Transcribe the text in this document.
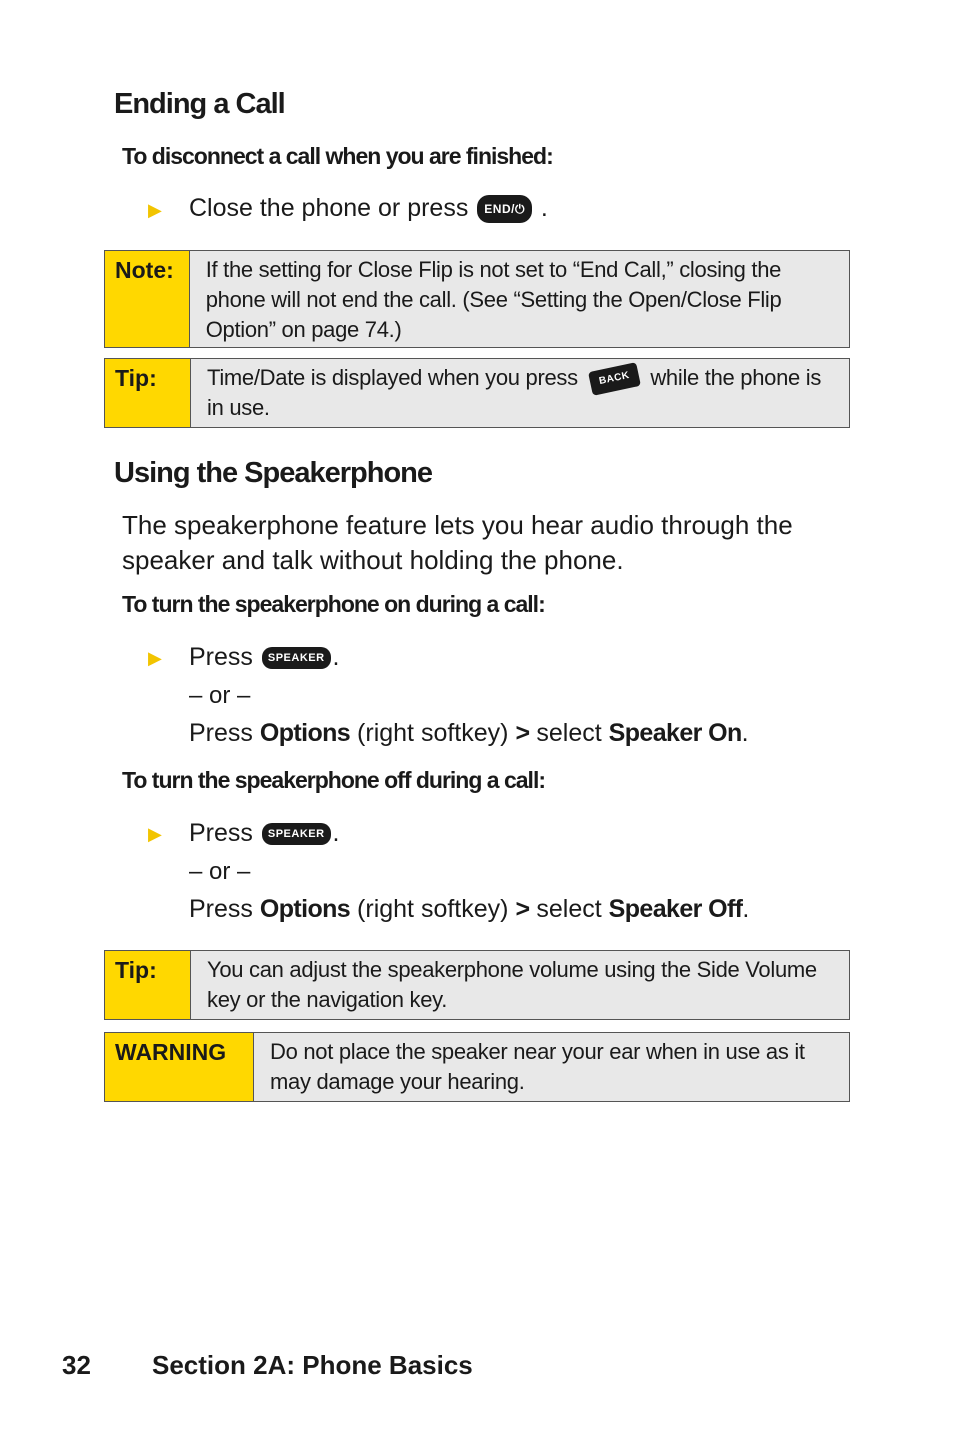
Ending a Call

To disconnect a call when you are finished:

▶ Close the phone or press END/⏻ .
Note:	If the setting for Close Flip is not set to “End Call,” closing the phone will not end the call. (See “Setting the Open/Close Flip Option” on page 74.)
Tip:	Time/Date is displayed when you press BACK while the phone is in use.
Using the Speakerphone

The speakerphone feature lets you hear audio through the speaker and talk without holding the phone.

To turn the speakerphone on during a call:

▶ Press SPEAKER .
– or –
Press Options (right softkey) > select Speaker On.

To turn the speakerphone off during a call:

▶ Press SPEAKER .
– or –
Press Options (right softkey) > select Speaker Off.
Tip:	You can adjust the speakerphone volume using the Side Volume key or the navigation key.
WARNING	Do not place the speaker near your ear when in use as it may damage your hearing.
32 Section 2A: Phone Basics
